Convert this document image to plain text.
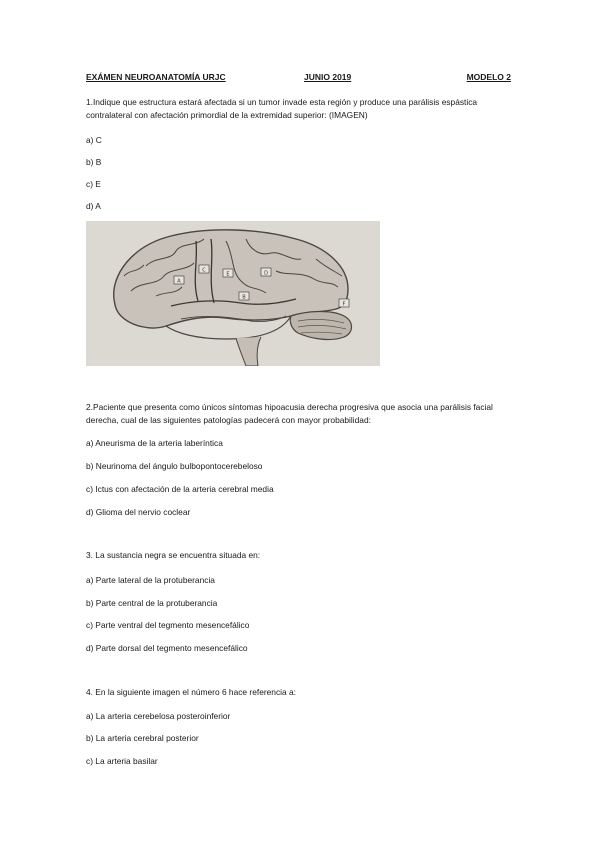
EXÁMEN NEUROANATOMÍA URJC	JUNIO 2019	MODELO 2
1.Indique que estructura estará afectada si un tumor invade esta región y produce una parálisis espástica contralateral con afectación primordial de la extremidad superior: (IMAGEN)
a) C
b) B
c) E
d) A
A
C
E	D
B
F
2.Paciente que presenta como únicos síntomas hipoacusia derecha progresiva que asocia una parálisis facial derecha, cual de las siguientes patologías padecerá con mayor probabilidad:
a) Aneurisma de la arteria laberíntica
b) Neurinoma del ángulo bulbopontocerebeloso
c) Ictus con afectación de la arteria cerebral media
d) Glioma del nervio coclear
3. La sustancia negra se encuentra situada en:
a) Parte lateral de la protuberancia
b) Parte central de la protuberancia
c) Parte ventral del tegmento mesencefálico
d) Parte dorsal del tegmento mesencefálico
4. En la siguiente imagen el número 6 hace referencia a:
a) La arteria cerebelosa posteroinferior
b) La arteria cerebral posterior
c) La arteria basilar
